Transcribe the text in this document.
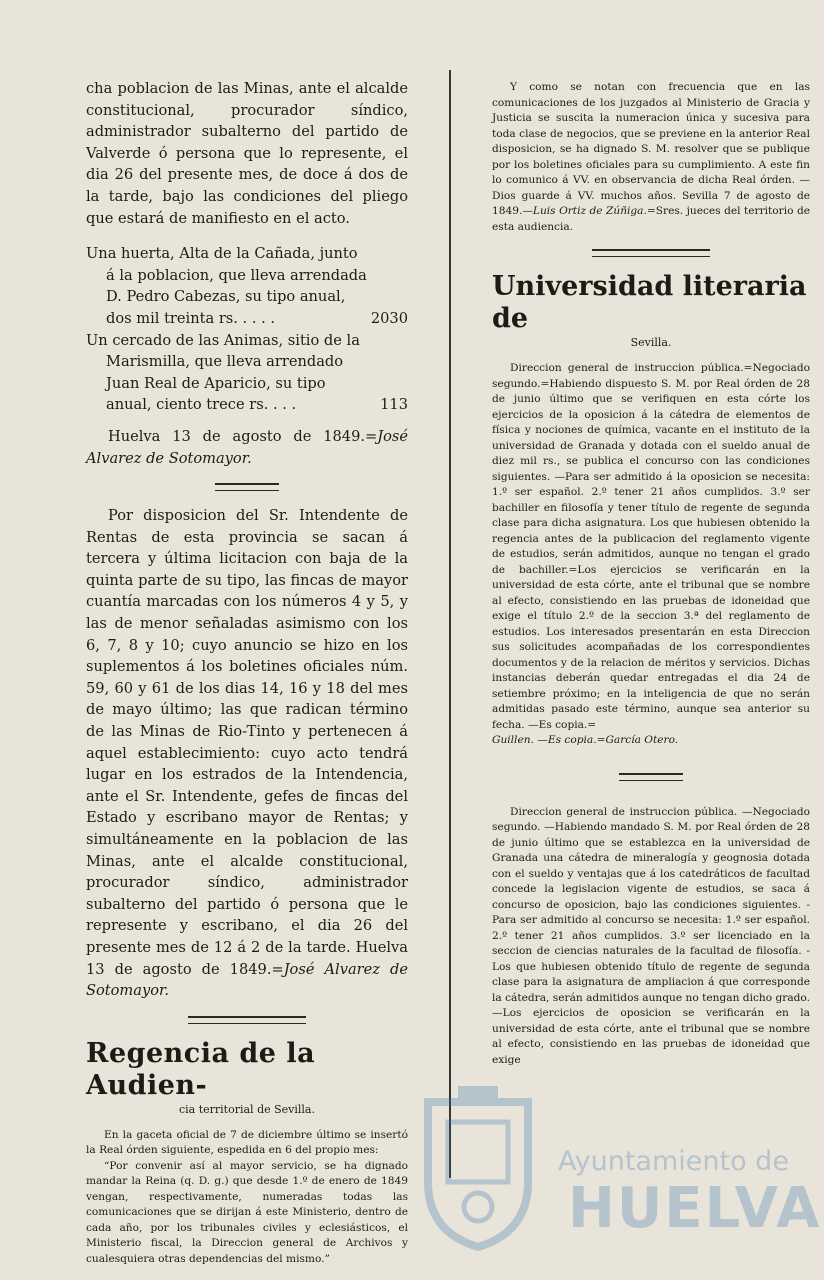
cha poblacion de las Minas, ante el alcalde constitucional, procurador síndico, administrador subalterno del partido de Valverde ó persona que lo represente, el dia 26 del presente mes, de doce á dos de la tarde, bajo las condiciones del pliego que estará de manifiesto en el acto.

Una huerta, Alta de la Cañada, junto á la poblacion, que lleva arrendada D. Pedro Cabezas, su tipo anual, dos mil treinta rs. . . . .	2030
Un cercado de las Animas, sitio de la Marismilla, que lleva arrendado Juan Real de Aparicio, su tipo anual, ciento trece rs. . . .	113

Huelva 13 de agosto de 1849.=José Alvarez de Sotomayor.

Por disposicion del Sr. Intendente de Rentas de esta provincia se sacan á tercera y última licitacion con baja de la quinta parte de su tipo, las fincas de mayor cuantía marcadas con los números 4 y 5, y las de menor señaladas asimismo con los 6, 7, 8 y 10; cuyo anuncio se hizo en los suplementos á los boletines oficiales núm. 59, 60 y 61 de los dias 14, 16 y 18 del mes de mayo último; las que radican término de las Minas de Rio-Tinto y pertenecen á aquel establecimiento: cuyo acto tendrá lugar en los estrados de la Intendencia, ante el Sr. Intendente, gefes de fincas del Estado y escribano mayor de Rentas; y simultáneamente en la poblacion de las Minas, ante el alcalde constitucional, procurador síndico, administrador subalterno del partido ó persona que le represente y escribano, el dia 26 del presente mes de 12 á 2 de la tarde. Huelva 13 de agosto de 1849.=José Alvarez de Sotomayor.

Regencia de la Audien-
cia territorial de Sevilla.

En la gaceta oficial de 7 de diciembre último se insertó la Real órden siguiente, espedida en 6 del propio mes:

“Por convenir así al mayor servicio, se ha dignado mandar la Reina (q. D. g.) que desde 1.º de enero de 1849 vengan, respectivamente, numeradas todas las comunicaciones que se dirijan á este Ministerio, dentro de cada año, por los tribunales civiles y eclesiásticos, el Ministerio fiscal, la Direccion general de Archivos y cualesquiera otras dependencias del mismo.”

Y como se notan con frecuencia que en las comunicaciones de los juzgados al Ministerio de Gracia y Justicia se suscita la numeracion única y sucesiva para toda clase de negocios, que se previene en la anterior Real disposicion, se ha dignado S. M. resolver que se publique por los boletines oficiales para su cumplimiento. A este fin lo comunico á VV. en observancia de dicha Real órden. —Dios guarde á VV. muchos años. Sevilla 7 de agosto de 1849.—Luis Ortiz de Zúñiga.=Sres. jueces del territorio de esta audiencia.

Universidad literaria de
Sevilla.

Direccion general de instruccion pública.=Negociado segundo.=Habiendo dispuesto S. M. por Real órden de 28 de junio último que se verifiquen en esta córte los ejercicios de la oposicion á la cátedra de elementos de física y nociones de química, vacante en el instituto de la universidad de Granada y dotada con el sueldo anual de diez mil rs., se publica el concurso con las condiciones siguientes. —Para ser admitido á la oposicion se necesita: 1.º ser español. 2.º tener 21 años cumplidos. 3.º ser bachiller en filosofía y tener título de regente de segunda clase para dicha asignatura. Los que hubiesen obtenido la regencia antes de la publicacion del reglamento vigente de estudios, serán admitidos, aunque no tengan el grado de bachiller.=Los ejercicios se verificarán en la universidad de esta córte, ante el tribunal que se nombre al efecto, consistiendo en las pruebas de idoneidad que exige el título 2.º de la seccion 3.ª del reglamento de estudios. Los interesados presentarán en esta Direccion sus solicitudes acompañadas de los correspondientes documentos y de la relacion de méritos y servicios. Dichas instancias deberán quedar entregadas el dia 24 de setiembre próximo; en la inteligencia de que no serán admitidas pasado este término, aunque sea anterior su fecha. —Es copia.=

Guillen. —Es copia.=García Otero.

Direccion general de instruccion pública. —Negociado segundo. —Habiendo mandado S. M. por Real órden de 28 de junio último que se establezca en la universidad de Granada una cátedra de mineralogía y geognosia dotada con el sueldo y ventajas que á los catedráticos de facultad concede la legislacion vigente de estudios, se saca á concurso de oposicion, bajo las condiciones siguientes. - Para ser admitido al concurso se necesita: 1.º ser español. 2.º tener 21 años cumplidos. 3.º ser licenciado en la seccion de ciencias naturales de la facultad de filosofía. - Los que hubiesen obtenido título de regente de segunda clase para la asignatura de ampliacion á que corresponde la cátedra, serán admitidos aunque no tengan dicho grado. —Los ejercicios de oposicion se verificarán en la universidad de esta córte, ante el tribunal que se nombre al efecto, consistiendo en las pruebas de idoneidad que exige

Ayuntamiento de
HUELVA
